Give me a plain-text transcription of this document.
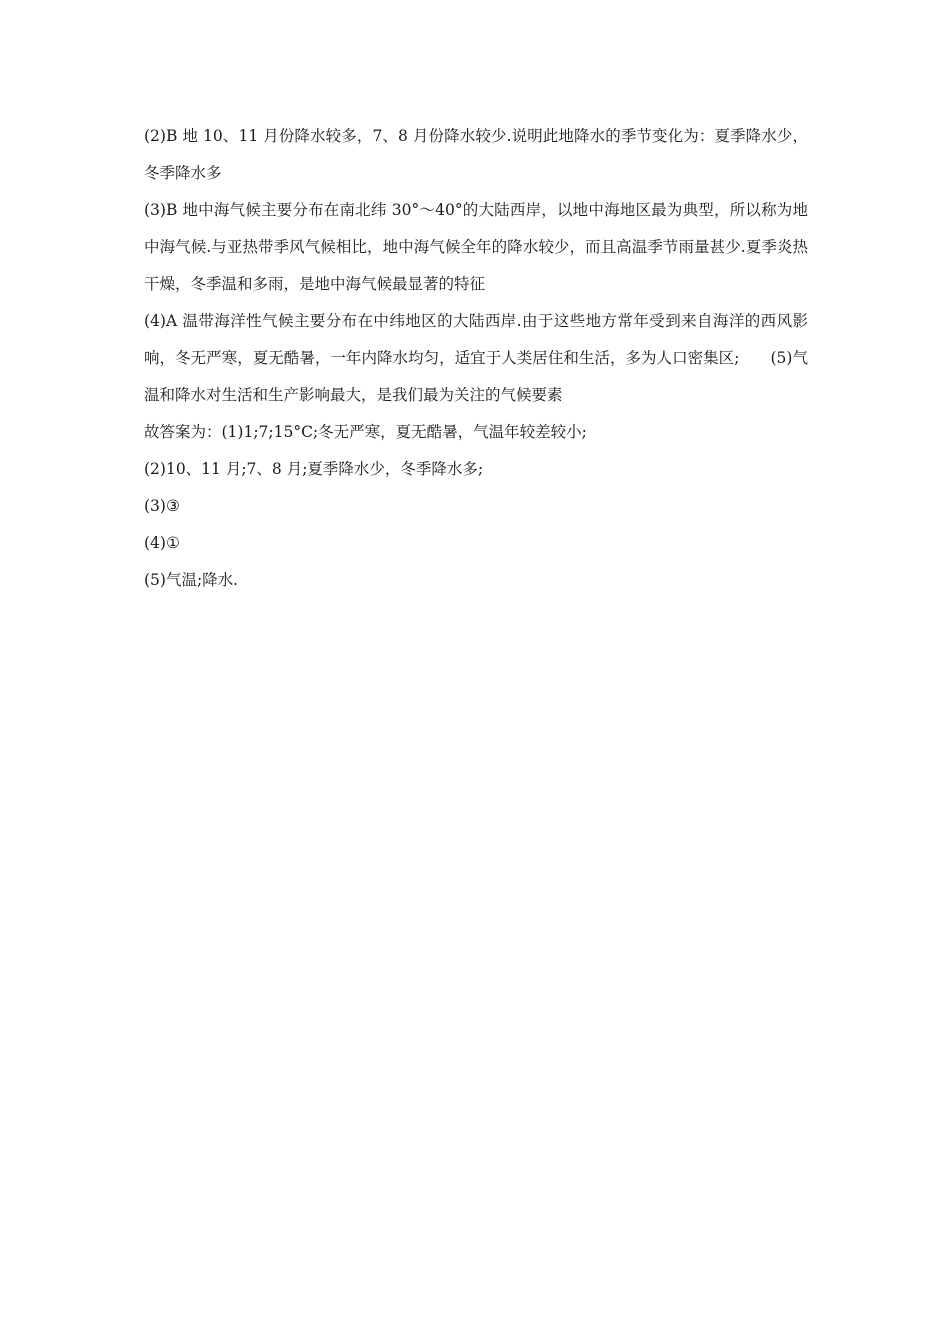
(2)B 地 10、11 月份降水较多，7、8 月份降水较少.说明此地降水的季节变化为：夏季降水少，冬季降水多

(3)B 地中海气候主要分布在南北纬 30°～40°的大陆西岸，以地中海地区最为典型，所以称为地中海气候.与亚热带季风气候相比，地中海气候全年的降水较少，而且高温季节雨量甚少.夏季炎热干燥，冬季温和多雨，是地中海气候最显著的特征

(4)A 温带海洋性气候主要分布在中纬地区的大陆西岸.由于这些地方常年受到来自海洋的西风影响，冬无严寒，夏无酷暑，一年内降水均匀，适宜于人类居住和生活，多为人口密集区;　　(5)气温和降水对生活和生产影响最大，是我们最为关注的气候要素

故答案为：(1)1;7;15°C;冬无严寒，夏无酷暑，气温年较差较小;

(2)10、11 月;7、8 月;夏季降水少，冬季降水多;

(3)③

(4)①

(5)气温;降水.
